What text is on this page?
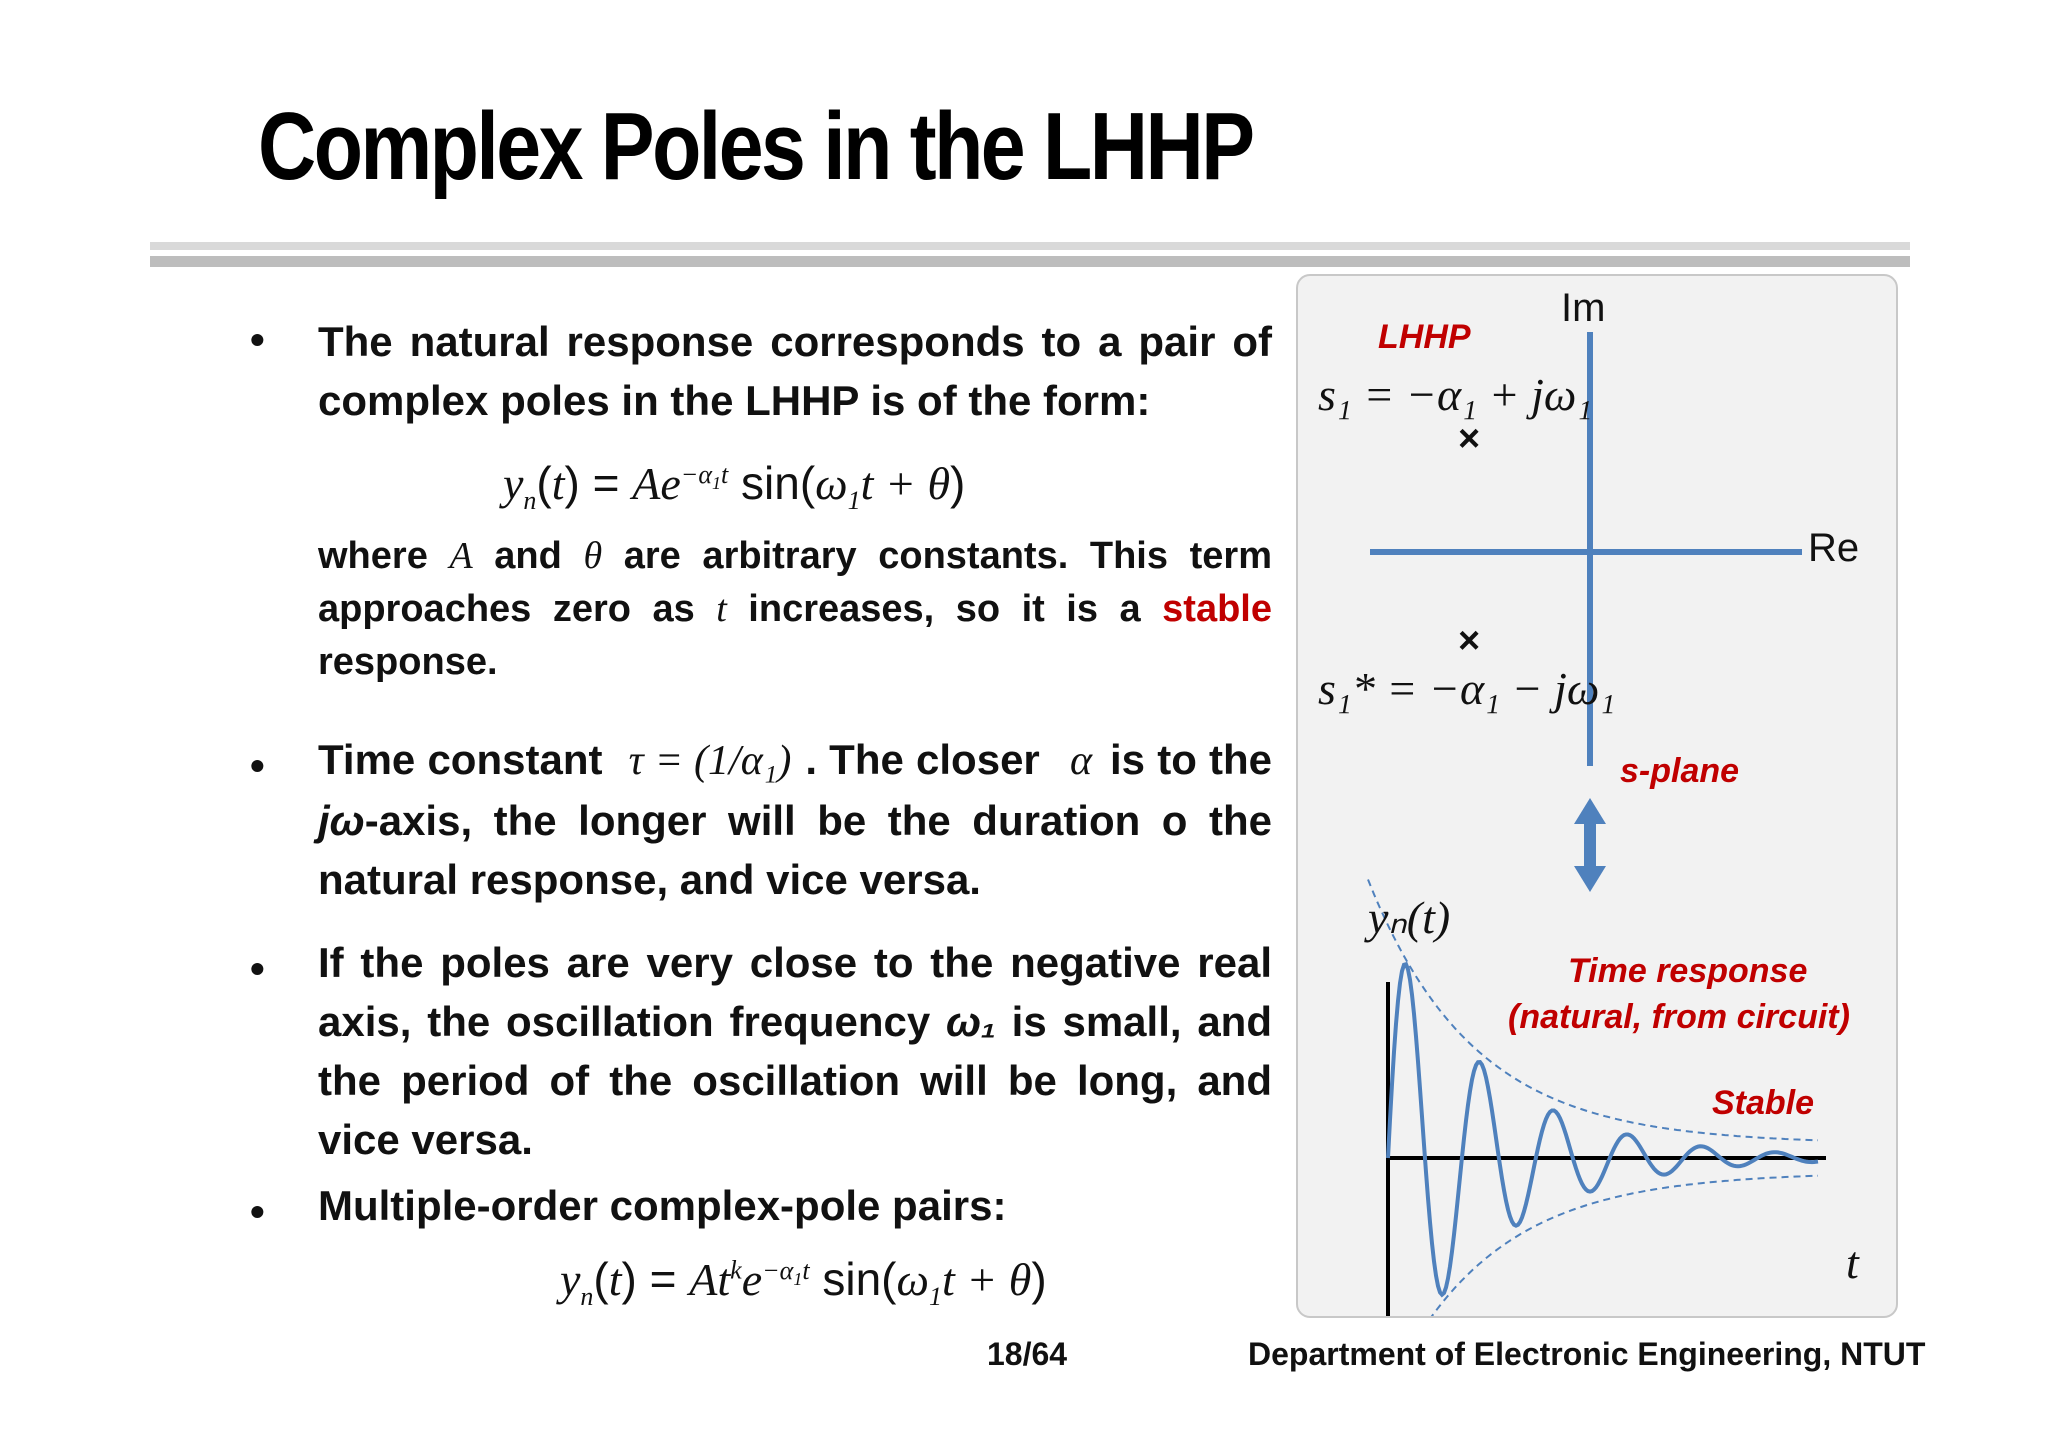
Complex Poles in the LHHP
• The natural response corresponds to a pair of complex poles in the LHHP is of the form:
$y_n(t) = Ae^{-\alpha_1t}$ $\sin(\omega_1t + \theta)$
where A and θ are arbitrary constants. This term approaches zero as t increases, so it is a stable response.
• Time constant τ = (1/α₁) . The closer α is to the jω-axis, the longer will be the duration o the natural response, and vice versa.
• If the poles are very close to the negative real axis, the oscillation frequency ω₁ is small, and the period of the oscillation will be long, and vice versa.
• Multiple-order complex-pole pairs:
$y_n(t) = At^ke^{-\alpha_1t}$ $\sin(\omega_1t + \theta)$
Im
Re
LHHP
s₁ = −α₁ + jω₁
×
×
s₁* = −α₁ − jω₁
s-plane
yₙ(t)
Time response
(natural, from circuit)
Stable
t
18/64	Department of Electronic Engineering, NTUT
